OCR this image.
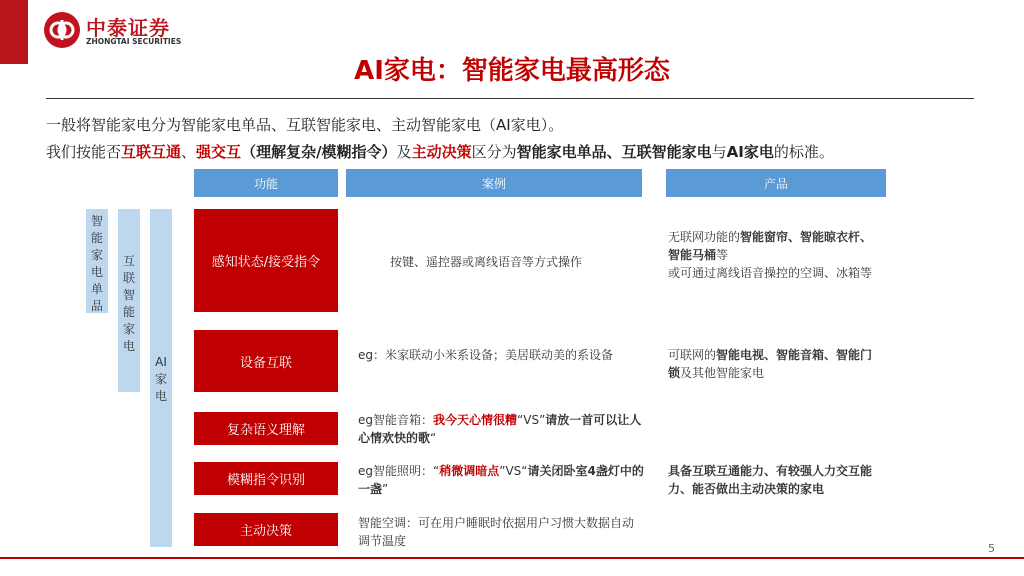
中泰证券
ZHONGTAI SECURITIES
AI家电：智能家电最高形态
一般将智能家电分为智能家电单品、互联智能家电、主动智能家电（AI家电）。
我们按能否互联互通、强交互（理解复杂/模糊指令）及主动决策区分为智能家电单品、互联智能家电与AI家电的标准。
功能	案例	产品
智能家电单品
互联智能家电
AI家电
感知状态/接受指令
设备互联
复杂语义理解
模糊指令识别
主动决策
按键、遥控器或离线语音等方式操作
eg：米家联动小米系设备；美居联动美的系设备
eg智能音箱：我今天心情很糟“VS”请放一首可以让人心情欢快的歌“
eg智能照明：“稍微调暗点”VS“请关闭卧室4盏灯中的一盏”
智能空调：可在用户睡眠时依据用户习惯大数据自动调节温度
无联网功能的智能窗帘、智能晾衣杆、智能马桶等
或可通过离线语音操控的空调、冰箱等
可联网的智能电视、智能音箱、智能门锁及其他智能家电
具备互联互通能力、有较强人力交互能力、能否做出主动决策的家电
5
